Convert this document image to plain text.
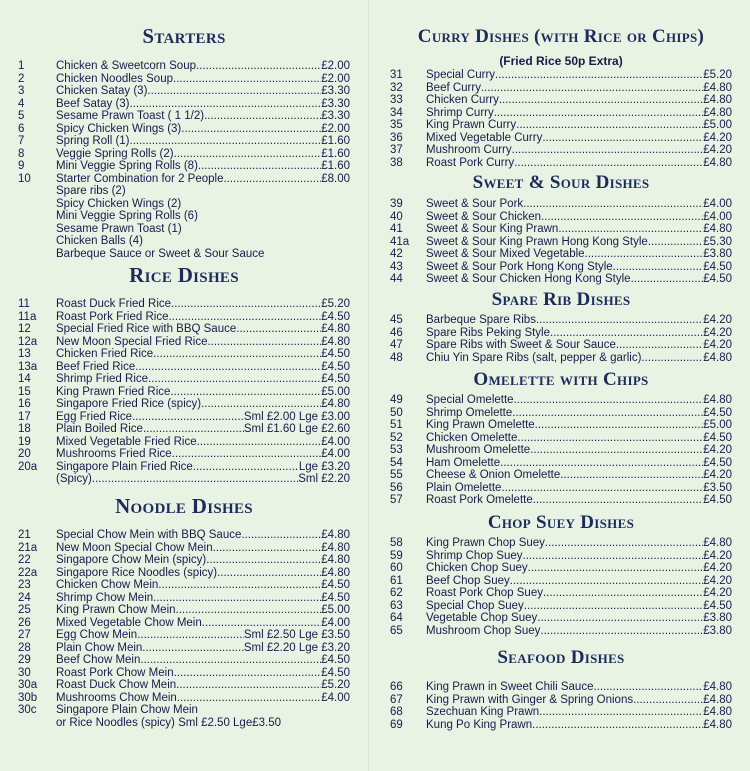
Starters
1	Chicken & Sweetcorn Soup . . .	£2.00
2	Chicken Noodles Soup . . .	£2.00
3	Chicken Satay (3) . . .	£3.30
4	Beef Satay (3) . . .	£3.30
5	Sesame Prawn Toast ( 1 1/2) . . .	£3.30
6	Spicy Chicken Wings (3) . . .	£2.00
7	Spring Roll (1) . . .	£1.60
8	Veggie Spring Rolls (2) . . .	£1.60
9	Mini Veggie Spring Rolls (8) . . .	£1.60
10	Starter Combination for 2 People . . .	£8.00
Spare ribs (2)
Spicy Chicken Wings (2)
Mini Veggie Spring Rolls (6)
Sesame Prawn Toast (1)
Chicken Balls (4)
Barbeque Sauce or Sweet & Sour Sauce
Rice Dishes
11	Roast Duck Fried Rice . . .	£5.20
11a	Roast Pork Fried Rice . . .	£4.50
12	Special Fried Rice with BBQ Sauce . . .	£4.80
12a	New Moon Special Fried Rice . . .	£4.80
13	Chicken Fried Rice . . .	£4.50
13a	Beef Fried Rice . . .	£4.50
14	Shrimp Fried Rice . . .	£4.50
15	King Prawn Fried Rice . . .	£5.00
16	Singapore Fried Rice (spicy) . . .	£4.80
17	Egg Fried Rice . . .	Sml £2.00 Lge £3.00
18	Plain Boiled Rice . . .	Sml £1.60 Lge £2.60
19	Mixed Vegetable Fried Rice . . .	£4.00
20	Mushrooms Fried Rice . . .	£4.00
20a	Singapore Plain Fried Rice . . .	Lge £3.20
(Spicy) . . .	Sml £2.20
Noodle Dishes
21	Special Chow Mein with BBQ Sauce . . .	£4.80
21a	New Moon Special Chow Mein . . .	£4.80
22	Singapore Chow Mein (spicy) . . .	£4.80
22a	Singapore Rice Noodles (spicy) . . .	£4.80
23	Chicken Chow Mein . . .	£4.50
24	Shrimp Chow Mein . . .	£4.50
25	King Prawn Chow Mein . . .	£5.00
26	Mixed Vegetable Chow Mein . . .	£4.00
27	Egg Chow Mein . . .	Sml £2.50 Lge £3.50
28	Plain Chow Mein . . .	Sml £2.20 Lge £3.20
29	Beef Chow Mein . . .	£4.50
30	Roast Pork Chow Mein . . .	£4.50
30a	Roast Duck Chow Mein . . .	£5.20
30b	Mushrooms Chow Mein . . .	£4.00
30c	Singapore Plain Chow Mein
or Rice Noodles (spicy) Sml £2.50 Lge£3.50
Curry Dishes (with Rice or Chips)
(Fried Rice 50p Extra)
31	Special Curry . . .	£5.20
32	Beef Curry . . .	£4.80
33	Chicken Curry . . .	£4.80
34	Shrimp Curry . . .	£4.80
35	King Prawn Curry . . .	£5.00
36	Mixed Vegetable Curry . . .	£4.20
37	Mushroom Curry . . .	£4.20
38	Roast Pork Curry . . .	£4.80
Sweet & Sour Dishes
39	Sweet & Sour Pork . . .	£4.00
40	Sweet & Sour Chicken . . .	£4.00
41	Sweet & Sour King Prawn . . .	£4.80
41a	Sweet & Sour King Prawn Hong Kong Style . . .	£5.30
42	Sweet & Sour Mixed Vegetable . . .	£3.80
43	Sweet & Sour Pork Hong Kong Style . . .	£4.50
44	Sweet & Sour Chicken Hong Kong Style . . .	£4.50
Spare Rib Dishes
45	Barbeque Spare Ribs . . .	£4.20
46	Spare Ribs Peking Style . . .	£4.20
47	Spare Ribs with Sweet & Sour Sauce . . .	£4.20
48	Chiu Yin Spare Ribs (salt, pepper & garlic) . . .	£4.80
Omelette with Chips
49	Special Omelette . . .	£4.80
50	Shrimp Omelette . . .	£4.50
51	King Prawn Omelette . . .	£5.00
52	Chicken Omelette . . .	£4.50
53	Mushroom Omelette . . .	£4.20
54	Ham Omelette . . .	£4.50
55	Cheese & Onion Omelette . . .	£4.20
56	Plain Omelette . . .	£3.50
57	Roast Pork Omelette . . .	£4.50
Chop Suey Dishes
58	King Prawn Chop Suey . . .	£4.80
59	Shrimp Chop Suey . . .	£4.20
60	Chicken Chop Suey . . .	£4.20
61	Beef Chop Suey . . .	£4.20
62	Roast Pork Chop Suey . . .	£4.20
63	Special Chop Suey . . .	£4.50
64	Vegetable Chop Suey . . .	£3.80
65	Mushroom Chop Suey . . .	£3.80
Seafood Dishes
66	King Prawn in Sweet Chili Sauce . . .	£4.80
67	King Prawn with Ginger & Spring Onions . . .	£4.80
68	Szechuan King Prawn . . .	£4.80
69	Kung Po King Prawn . . .	£4.80
